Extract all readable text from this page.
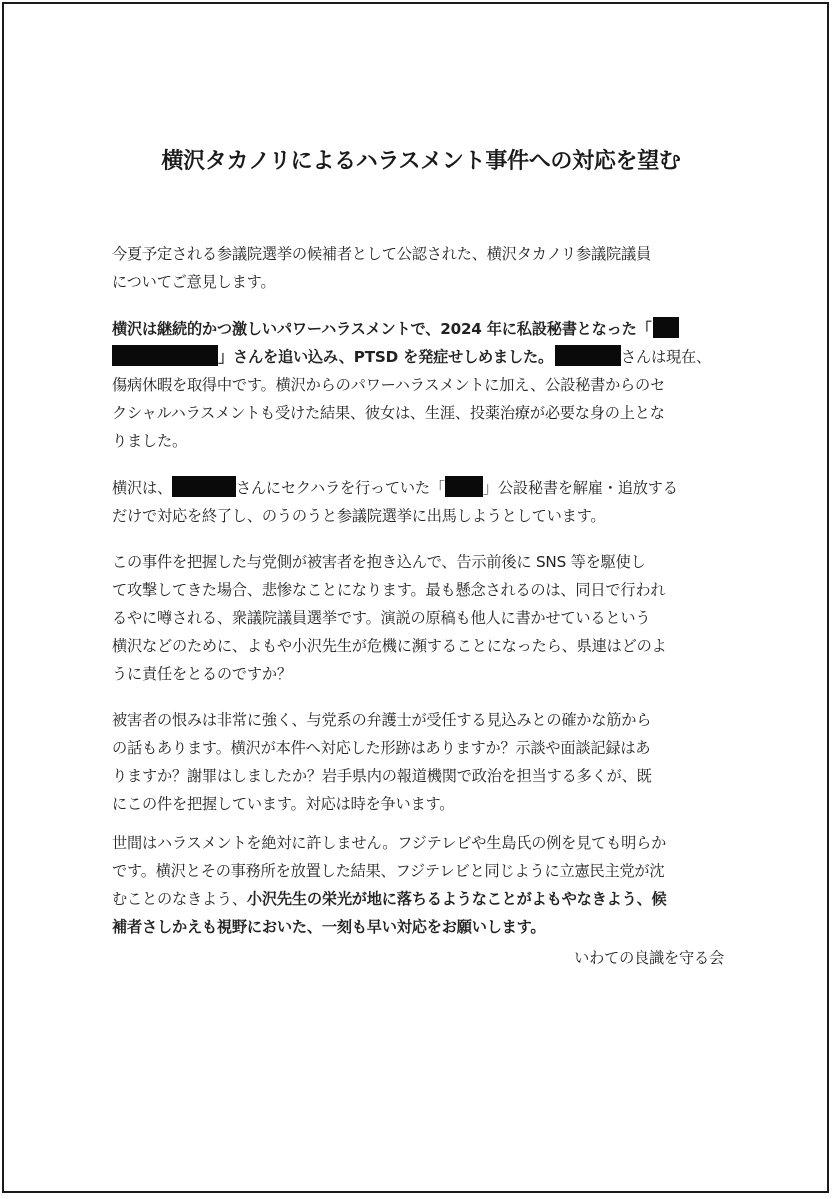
横沢タカノリによるハラスメント事件への対応を望む
今夏予定される参議院選挙の候補者として公認された、横沢タカノリ参議院議員
についてご意見します。
横沢は継続的かつ激しいパワーハラスメントで、2024 年に私設秘書となった「
」さんを追い込み、PTSD を発症せしめました。	さんは現在、
傷病休暇を取得中です。横沢からのパワーハラスメントに加え、公設秘書からのセ
クシャルハラスメントも受けた結果、彼女は、生涯、投薬治療が必要な身の上とな
りました。
横沢は、	さんにセクハラを行っていた「	」公設秘書を解雇・追放する
だけで対応を終了し、のうのうと参議院選挙に出馬しようとしています。
この事件を把握した与党側が被害者を抱き込んで、告示前後に SNS 等を駆使し
て攻撃してきた場合、悲惨なことになります。最も懸念されるのは、同日で行われ
るやに噂される、衆議院議員選挙です。演説の原稿も他人に書かせているという
横沢などのために、よもや小沢先生が危機に瀕することになったら、県連はどのよ
うに責任をとるのですか？
被害者の恨みは非常に強く、与党系の弁護士が受任する見込みとの確かな筋から
の話もあります。横沢が本件へ対応した形跡はありますか？示談や面談記録はあ
りますか？謝罪はしましたか？岩手県内の報道機関で政治を担当する多くが、既
にこの件を把握しています。対応は時を争います。
世間はハラスメントを絶対に許しません。フジテレビや生島氏の例を見ても明らか
です。横沢とその事務所を放置した結果、フジテレビと同じように立憲民主党が沈
むことのなきよう、小沢先生の栄光が地に落ちるようなことがよもやなきよう、候
補者さしかえも視野においた、一刻も早い対応をお願いします。
いわての良識を守る会
